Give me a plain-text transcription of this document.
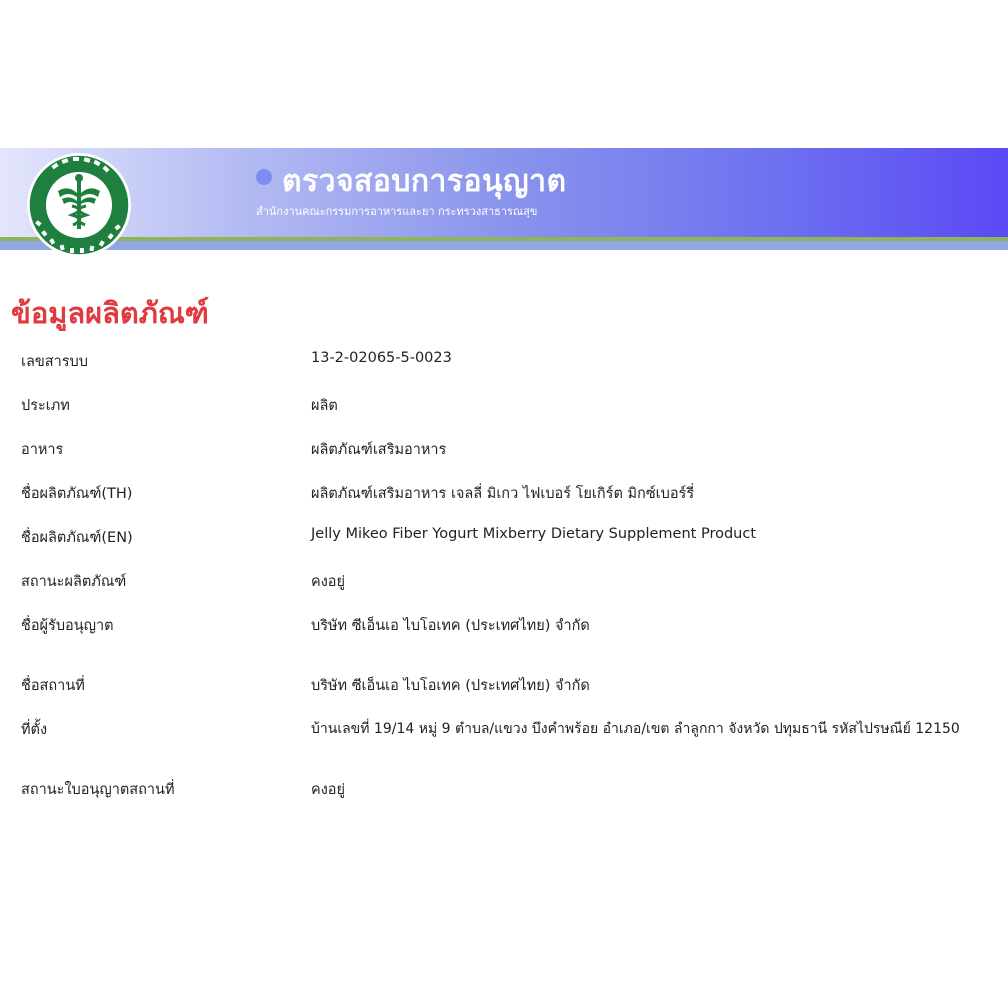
ตรวจสอบการอนุญาต
สำนักงานคณะกรรมการอาหารและยา กระทรวงสาธารณสุข
ข้อมูลผลิตภัณฑ์
เลขสารบบ	13-2-02065-5-0023
ประเภท	ผลิต
อาหาร	ผลิตภัณฑ์เสริมอาหาร
ชื่อผลิตภัณฑ์(TH)	ผลิตภัณฑ์เสริมอาหาร เจลลี่ มิเกว ไฟเบอร์ โยเกิร์ต มิกซ์เบอร์รี่
ชื่อผลิตภัณฑ์(EN)	Jelly Mikeo Fiber Yogurt Mixberry Dietary Supplement Product
สถานะผลิตภัณฑ์	คงอยู่
ชื่อผู้รับอนุญาต	บริษัท ซีเอ็นเอ ไบโอเทค (ประเทศไทย) จำกัด
ชื่อสถานที่	บริษัท ซีเอ็นเอ ไบโอเทค (ประเทศไทย) จำกัด
ที่ตั้ง	บ้านเลขที่ 19/14 หมู่ 9 ตำบล/แขวง บึงคำพร้อย อำเภอ/เขต ลำลูกกา จังหวัด ปทุมธานี รหัสไปรษณีย์ 12150
สถานะใบอนุญาตสถานที่	คงอยู่
